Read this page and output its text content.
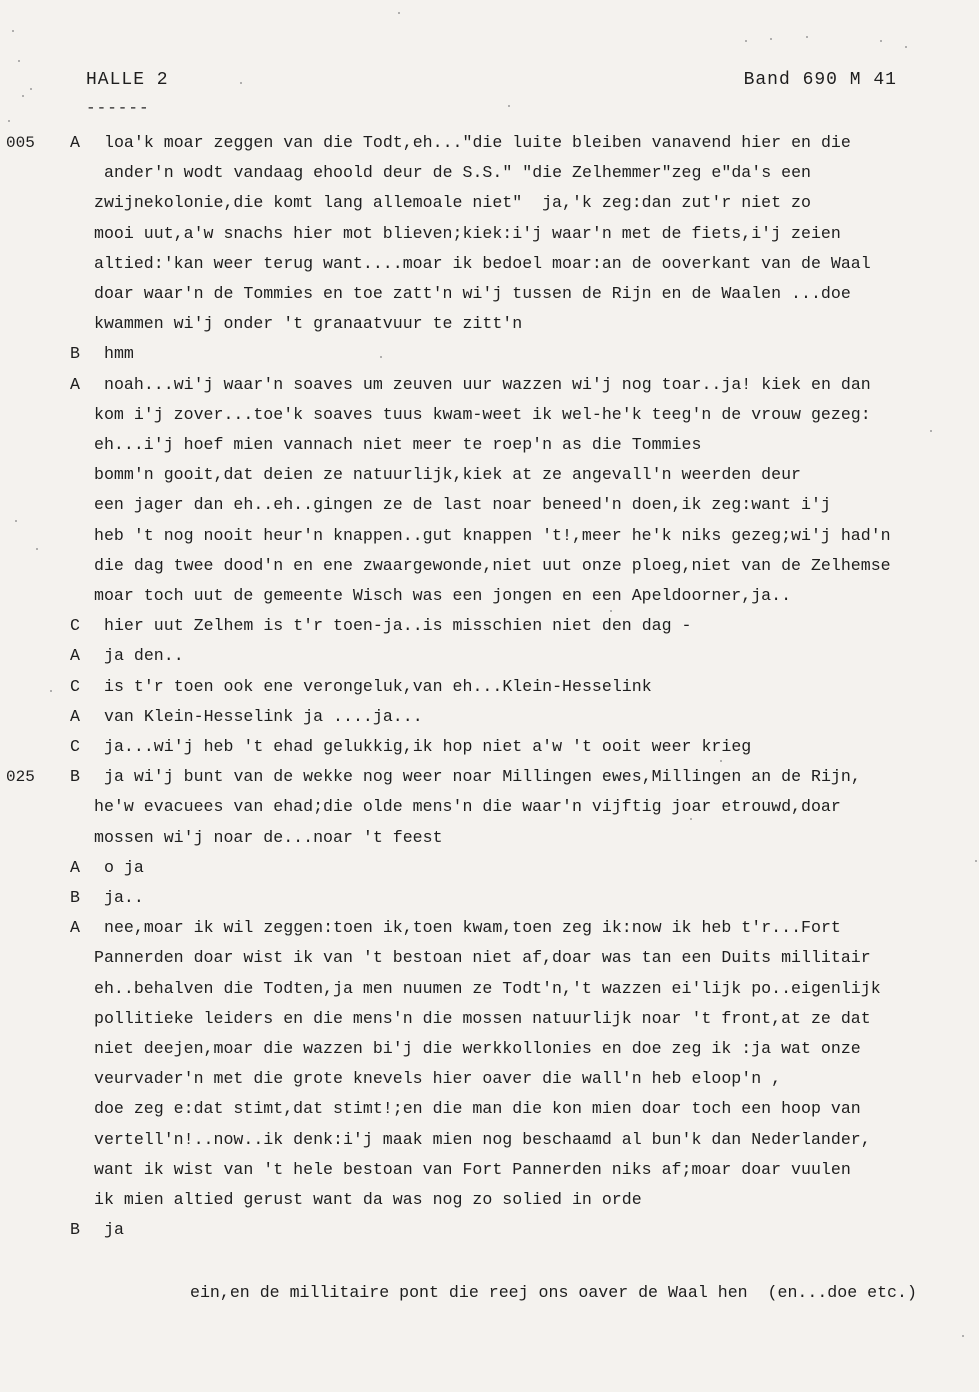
HALLE 2
------
Band 690 M 41
005 A loa'k moar zeggen van die Todt,eh..."die luite bleiben vanavend hier en die
ander'n wodt vandaag ehoold deur de S.S." "die Zelhemmer"zeg e"da's een
zwijnekolonie,die komt lang allemoale niet"  ja,'k zeg:dan zut'r niet zo
mooi uut,a'w snachs hier mot blieven;kiek:i'j waar'n met de fiets,i'j zeien
altied:'kan weer terug want....moar ik bedoel moar:an de ooverkant van de Waal
doar waar'n de Tommies en toe zatt'n wi'j tussen de Rijn en de Waalen ...doe
kwammen wi'j onder 't granaatvuur te zitt'n
B hmm
A noah...wi'j waar'n soaves um zeuven uur wazzen wi'j nog toar..ja! kiek en dan
kom i'j zover...toe'k soaves tuus kwam-weet ik wel-he'k teeg'n de vrouw gezeg:
eh...i'j hoef mien vannach niet meer te roep'n as die Tommies
bomm'n gooit,dat deien ze natuurlijk,kiek at ze angevall'n weerden deur
een jager dan eh..eh..gingen ze de last noar beneed'n doen,ik zeg:want i'j
heb 't nog nooit heur'n knappen..gut knappen 't!,meer he'k niks gezeg;wi'j had'n
die dag twee dood'n en ene zwaargewonde,niet uut onze ploeg,niet van de Zelhemse
moar toch uut de gemeente Wisch was een jongen en een Apeldoorner,ja..
C hier uut Zelhem is t'r toen-ja..is misschien niet den dag -
A ja den..
C is t'r toen ook ene verongeluk,van eh...Klein-Hesselink
A van Klein-Hesselink ja ....ja...
C ja...wi'j heb 't ehad gelukkig,ik hop niet a'w 't ooit weer krieg
025 B ja wi'j bunt van de wekke nog weer noar Millingen ewes,Millingen an de Rijn,
he'w evacuees van ehad;die olde mens'n die waar'n vijftig joar etrouwd,doar
mossen wi'j noar de...noar 't feest
A o ja
B ja..
A nee,moar ik wil zeggen:toen ik,toen kwam,toen zeg ik:now ik heb t'r...Fort
Pannerden doar wist ik van 't bestoan niet af,doar was tan een Duits millitair
eh..behalven die Todten,ja men nuumen ze Todt'n,'t wazzen ei'lijk po..eigenlijk
pollitieke leiders en die mens'n die mossen natuurlijk noar 't front,at ze dat
niet deejen,moar die wazzen bi'j die werkkollonies en doe zeg ik :ja wat onze
veurvader'n met die grote knevels hier oaver die wall'n heb eloop'n ,
doe zeg e:dat stimt,dat stimt!;en die man die kon mien doar toch een hoop van
vertell'n!..now..ik denk:i'j maak mien nog beschaamd al bun'k dan Nederlander,
want ik wist van 't hele bestoan van Fort Pannerden niks af;moar doar vuulen
ik mien altied gerust want da was nog zo solied in orde
B ja
ein,en de millitaire pont die reej ons oaver de Waal hen  (en...doe etc.)
